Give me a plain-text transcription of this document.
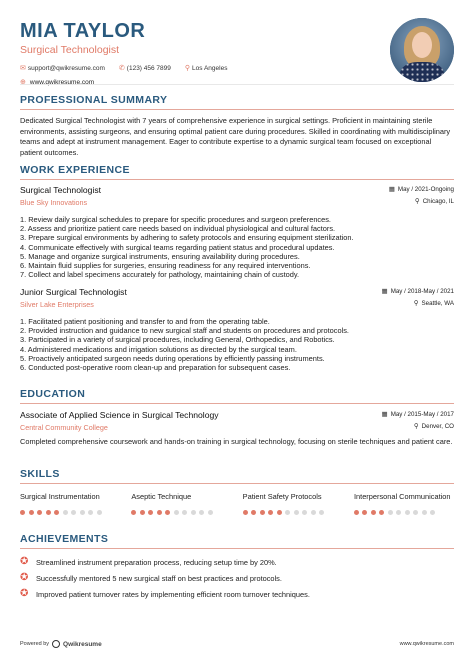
MIA TAYLOR
Surgical Technologist
✉ support@qwikresume.com ✆ (123) 456 7899 ⚲ Los Angeles
⊕ www.qwikresume.com
PROFESSIONAL SUMMARY
Dedicated Surgical Technologist with 7 years of comprehensive experience in surgical settings. Proficient in maintaining sterile environments, assisting surgeons, and ensuring optimal patient care during procedures. Skilled in coordinating with multidisciplinary teams and adept at instrument management. Eager to contribute expertise to a dynamic surgical team focused on exceptional patient outcomes.
WORK EXPERIENCE
Surgical Technologist
Blue Sky Innovations
▦ May / 2021-Ongoing
⚲ Chicago, IL
1. Review daily surgical schedules to prepare for specific procedures and surgeon preferences.
2. Assess and prioritize patient care needs based on individual physiological and cultural factors.
3. Prepare surgical environments by adhering to safety protocols and ensuring equipment sterilization.
4. Communicate effectively with surgical teams regarding patient status and procedural updates.
5. Manage and organize surgical instruments, ensuring availability during procedures.
6. Maintain fluid supplies for surgeries, ensuring readiness for any required interventions.
7. Collect and label specimens accurately for pathology, maintaining chain of custody.
Junior Surgical Technologist
Silver Lake Enterprises
▦ May / 2018-May / 2021
⚲ Seattle, WA
1. Facilitated patient positioning and transfer to and from the operating table.
2. Provided instruction and guidance to new surgical staff and students on procedures and protocols.
3. Participated in a variety of surgical procedures, including General, Orthopedics, and Robotics.
4. Administered medications and irrigation solutions as directed by the surgical team.
5. Proactively anticipated surgeon needs during operations by efficiently passing instruments.
6. Conducted post-operative room clean-up and preparation for subsequent cases.
EDUCATION
Associate of Applied Science in Surgical Technology
Central Community College
▦ May / 2015-May / 2017
⚲ Denver, CO
Completed comprehensive coursework and hands-on training in surgical technology, focusing on sterile techniques and patient care.
SKILLS
Surgical Instrumentation	Aseptic Technique	Patient Safety Protocols	Interpersonal Communication
ACHIEVEMENTS
✪ Streamlined instrument preparation process, reducing setup time by 20%.
✪ Successfully mentored 5 new surgical staff on best practices and protocols.
✪ Improved patient turnover rates by implementing efficient room turnover techniques.
Powered by Qwikresume	www.qwikresume.com
